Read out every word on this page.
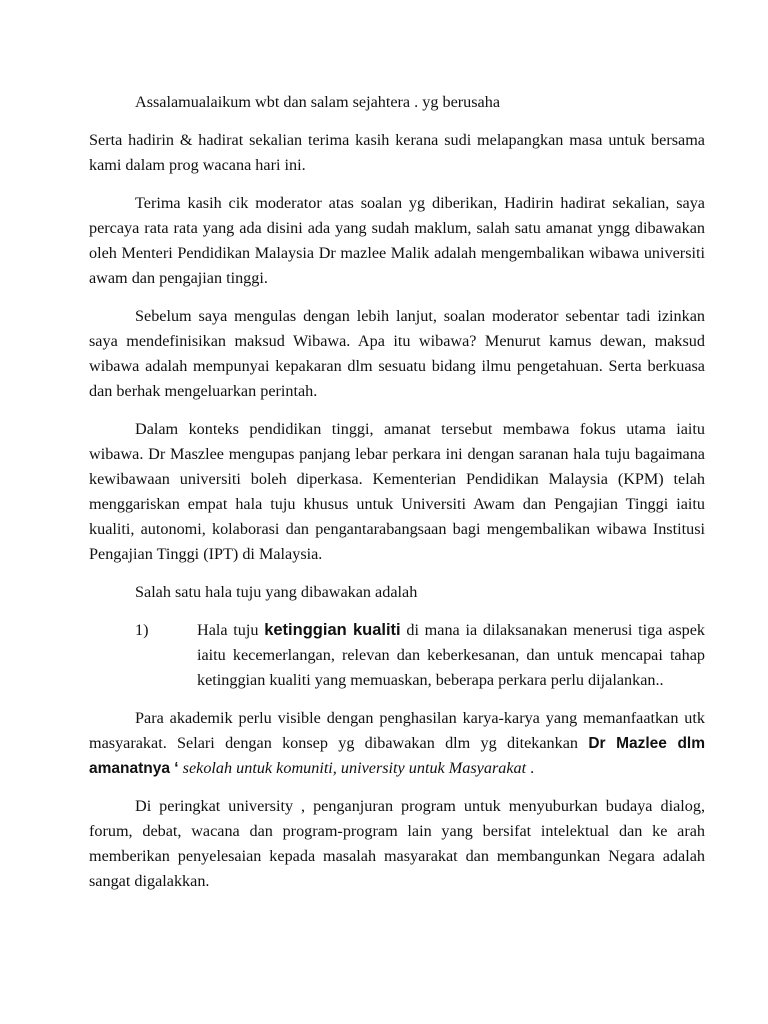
Assalamualaikum wbt dan salam sejahtera . yg berusaha

Serta hadirin & hadirat sekalian terima kasih kerana sudi melapangkan masa untuk bersama kami dalam prog wacana hari ini.

Terima kasih cik moderator atas soalan yg diberikan, Hadirin hadirat sekalian, saya percaya rata rata yang ada disini ada yang sudah maklum, salah satu amanat yngg dibawakan oleh Menteri Pendidikan Malaysia Dr mazlee Malik adalah mengembalikan wibawa universiti awam dan pengajian tinggi.

Sebelum saya mengulas dengan lebih lanjut, soalan moderator sebentar tadi izinkan saya mendefinisikan maksud Wibawa. Apa itu wibawa? Menurut kamus dewan, maksud wibawa adalah mempunyai kepakaran dlm sesuatu bidang ilmu pengetahuan. Serta berkuasa dan berhak mengeluarkan perintah.

Dalam konteks pendidikan tinggi, amanat tersebut membawa fokus utama iaitu wibawa. Dr Maszlee mengupas panjang lebar perkara ini dengan saranan hala tuju bagaimana kewibawaan universiti boleh diperkasa. Kementerian Pendidikan Malaysia (KPM) telah menggariskan empat hala tuju khusus untuk Universiti Awam dan Pengajian Tinggi iaitu kualiti, autonomi, kolaborasi dan pengantarabangsaan bagi mengembalikan wibawa Institusi Pengajian Tinggi (IPT) di Malaysia.

Salah satu hala tuju yang dibawakan adalah

1)	Hala tuju ketinggian kualiti di mana ia dilaksanakan menerusi tiga aspek iaitu kecemerlangan, relevan dan keberkesanan, dan untuk mencapai tahap ketinggian kualiti yang memuaskan, beberapa perkara perlu dijalankan..

Para akademik perlu visible dengan penghasilan karya-karya yang memanfaatkan utk masyarakat. Selari dengan konsep yg dibawakan dlm yg ditekankan Dr Mazlee dlm amanatnya ‘ sekolah untuk komuniti, university untuk Masyarakat .

Di peringkat university , penganjuran program untuk menyuburkan budaya dialog, forum, debat, wacana dan program-program lain yang bersifat intelektual dan ke arah memberikan penyelesaian kepada masalah masyarakat dan membangunkan Negara adalah sangat digalakkan.
